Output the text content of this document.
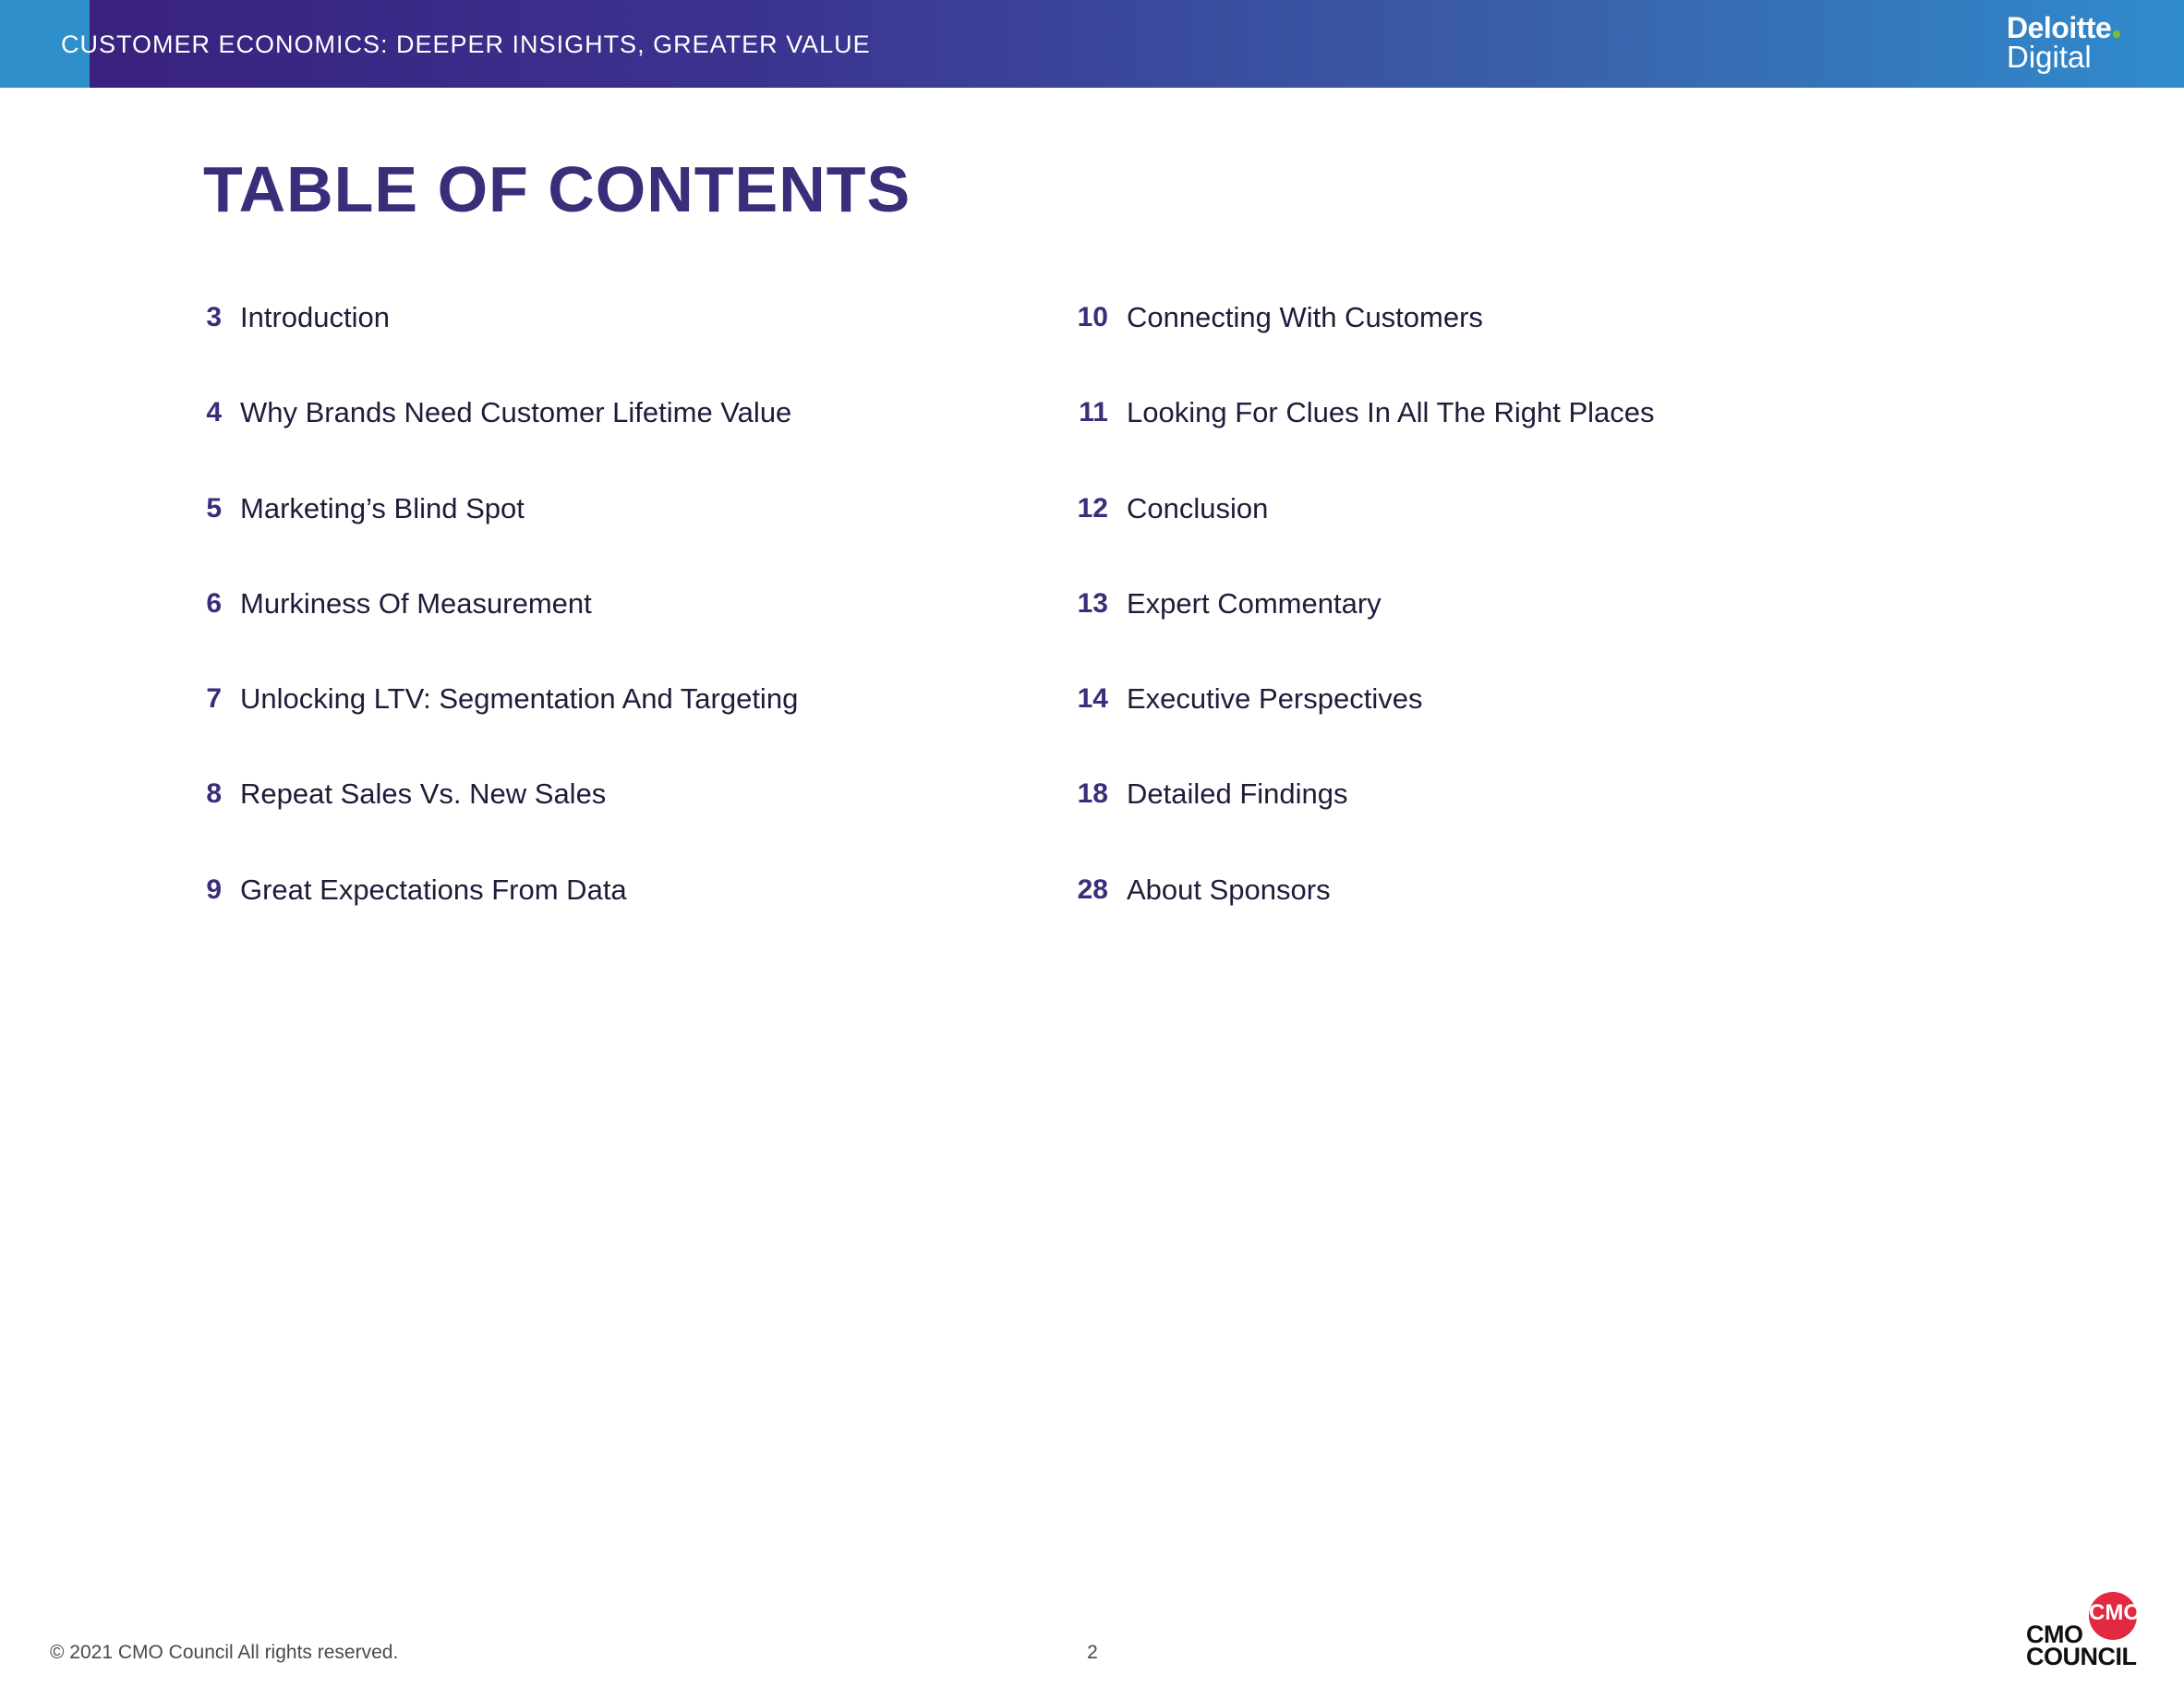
CUSTOMER ECONOMICS: DEEPER INSIGHTS, GREATER VALUE	Deloitte
Digital
TABLE OF CONTENTS
3 Introduction
4 Why Brands Need Customer Lifetime Value
5 Marketing’s Blind Spot
6 Murkiness Of Measurement
7 Unlocking LTV: Segmentation And Targeting
8 Repeat Sales Vs. New Sales
9 Great Expectations From Data
10 Connecting With Customers
11 Looking For Clues In All The Right Places
12 Conclusion
13 Expert Commentary
14 Executive Perspectives
18 Detailed Findings
28 About Sponsors
© 2021 CMO Council All rights reserved.	2
CMO
CMO
COUNCIL
